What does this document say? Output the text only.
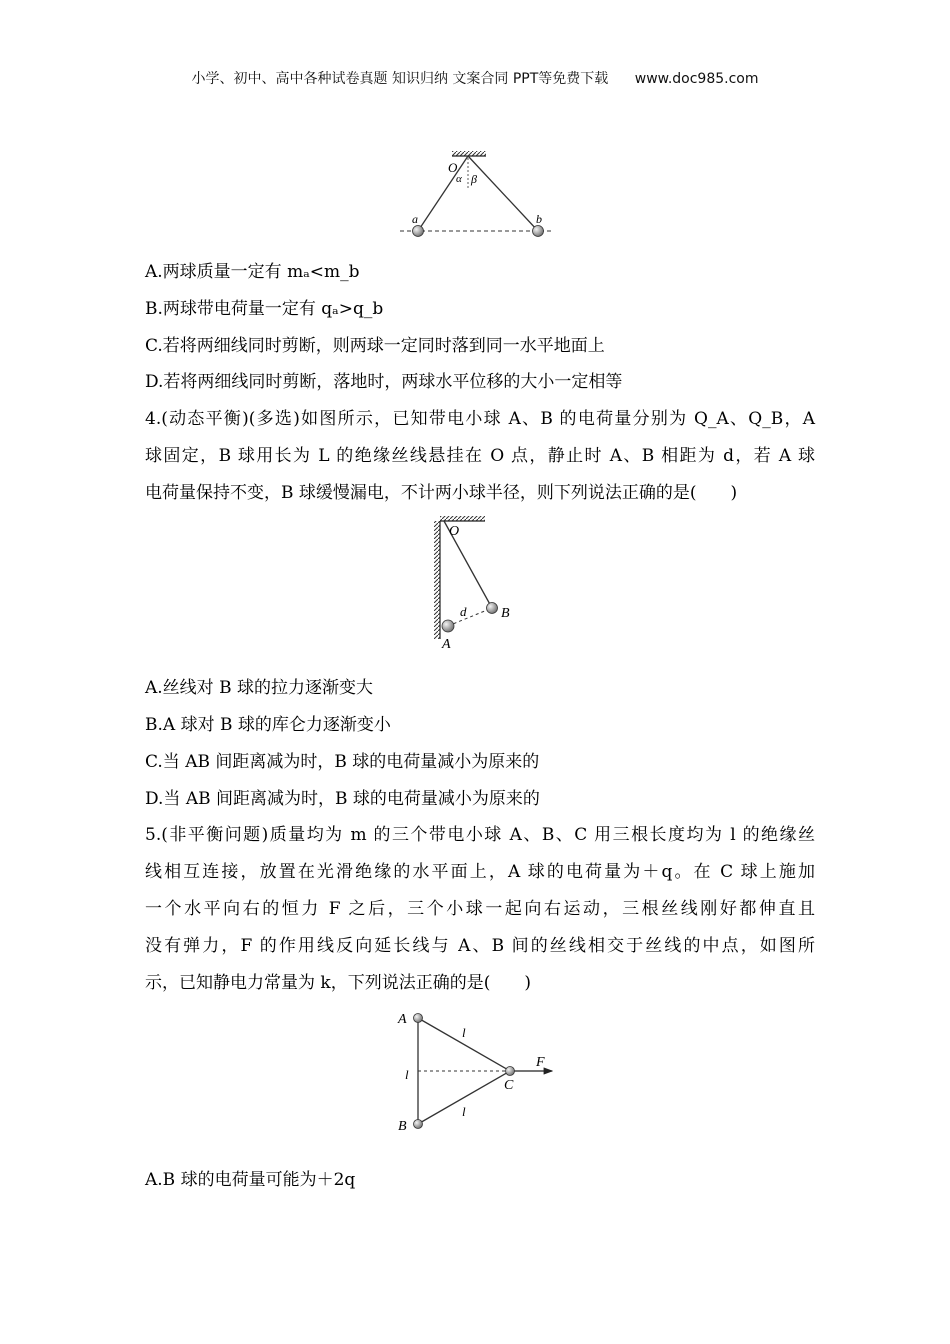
小学、初中、高中各种试卷真题 知识归纳 文案合同 PPT等免费下载 www.doc985.com
O
α β
a	b
A.两球质量一定有 mₐ<m_b
B.两球带电荷量一定有 qₐ>q_b
C.若将两细线同时剪断，则两球一定同时落到同一水平地面上
D.若将两细线同时剪断，落地时，两球水平位移的大小一定相等
4.(动态平衡)(多选)如图所示，已知带电小球 A、B 的电荷量分别为 Q_A、Q_B，A
球固定，B 球用长为 L 的绝缘丝线悬挂在 O 点，静止时 A、B 相距为 d，若 A 球
电荷量保持不变，B 球缓慢漏电，不计两小球半径，则下列说法正确的是(　　)
O
d B
A
A.丝线对 B 球的拉力逐渐变大
B.A 球对 B 球的库仑力逐渐变小
C.当 AB 间距离减为时，B 球的电荷量减小为原来的
D.当 AB 间距离减为时，B 球的电荷量减小为原来的
5.(非平衡问题)质量均为 m 的三个带电小球 A、B、C 用三根长度均为 l 的绝缘丝
线相互连接，放置在光滑绝缘的水平面上，A 球的电荷量为＋q。在 C 球上施加
一个水平向右的恒力 F 之后，三个小球一起向右运动，三根丝线刚好都伸直且
没有弹力，F 的作用线反向延长线与 A、B 间的丝线相交于丝线的中点，如图所
示，已知静电力常量为 k，下列说法正确的是(　　)
A
B
C
F
l
l
l
A.B 球的电荷量可能为＋2q
